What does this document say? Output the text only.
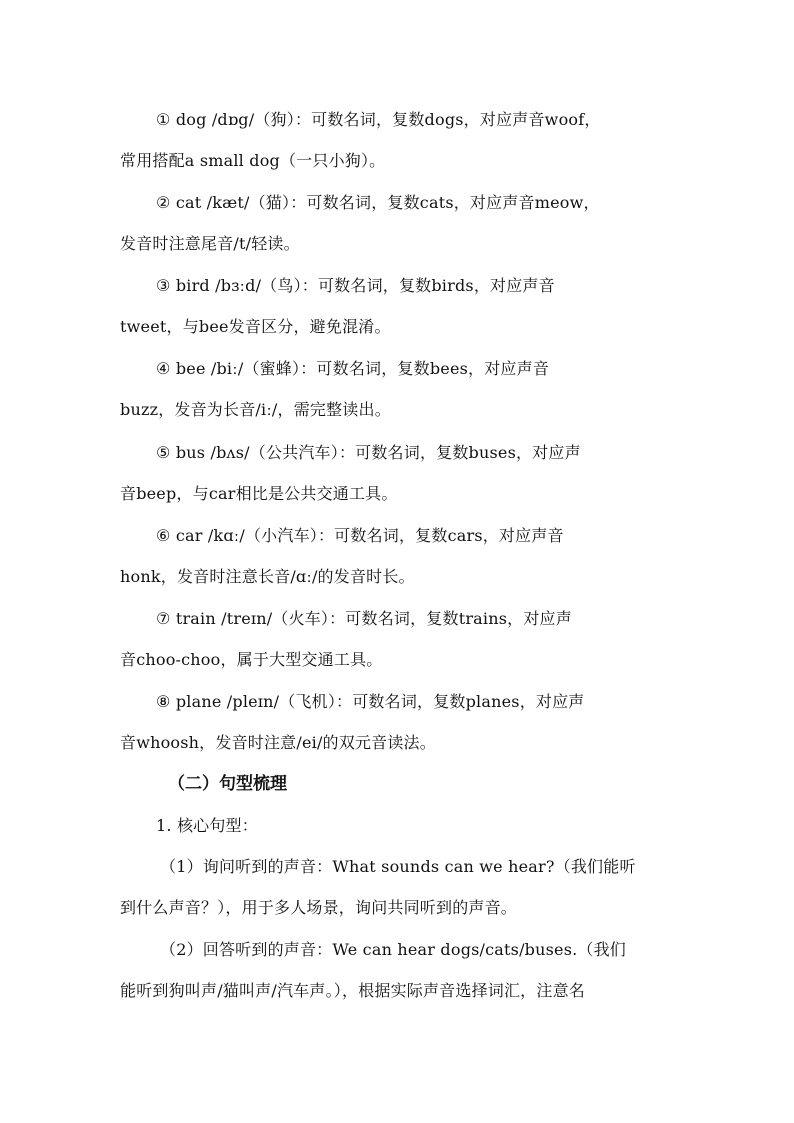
① dog /dɒg/（狗）：可数名词，复数dogs，对应声音woof，
常用搭配a small dog（一只小狗）。
② cat /kæt/（猫）：可数名词，复数cats，对应声音meow，
发音时注意尾音/t/轻读。
③ bird /bɜːd/（鸟）：可数名词，复数birds，对应声音
tweet，与bee发音区分，避免混淆。
④ bee /biː/（蜜蜂）：可数名词，复数bees，对应声音
buzz，发音为长音/iː/，需完整读出。
⑤ bus /bʌs/（公共汽车）：可数名词，复数buses，对应声
音beep，与car相比是公共交通工具。
⑥ car /kɑː/（小汽车）：可数名词，复数cars，对应声音
honk，发音时注意长音/ɑː/的发音时长。
⑦ train /treɪn/（火车）：可数名词，复数trains，对应声
音choo-choo，属于大型交通工具。
⑧ plane /pleɪn/（飞机）：可数名词，复数planes，对应声
音whoosh，发音时注意/ei/的双元音读法。
（二）句型梳理
1. 核心句型：
（1）询问听到的声音：What sounds can we hear?（我们能听
到什么声音？），用于多人场景，询问共同听到的声音。
（2）回答听到的声音：We can hear dogs/cats/buses.（我们
能听到狗叫声/猫叫声/汽车声。），根据实际声音选择词汇，注意名
